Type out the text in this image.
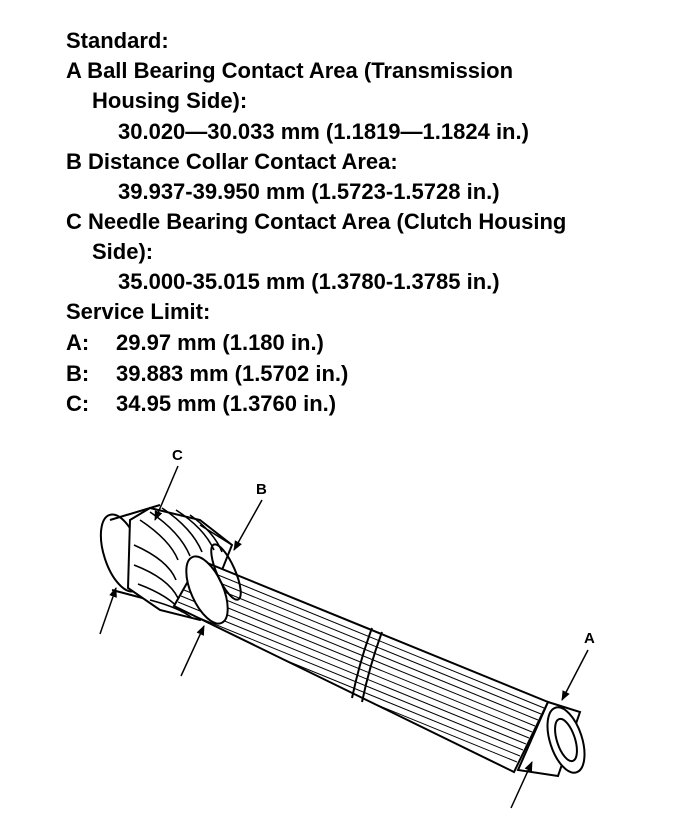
Standard:
A Ball Bearing Contact Area (Transmission
Housing Side):
30.020—30.033 mm (1.1819—1.1824 in.)
B Distance Collar Contact Area:
39.937-39.950 mm (1.5723-1.5728 in.)
C Needle Bearing Contact Area (Clutch Housing
Side):
35.000-35.015 mm (1.3780-1.3785 in.)
Service Limit:
A: 29.97 mm (1.180 in.)
B: 39.883 mm (1.5702 in.)
C: 34.95 mm (1.3760 in.)
C
B
A
